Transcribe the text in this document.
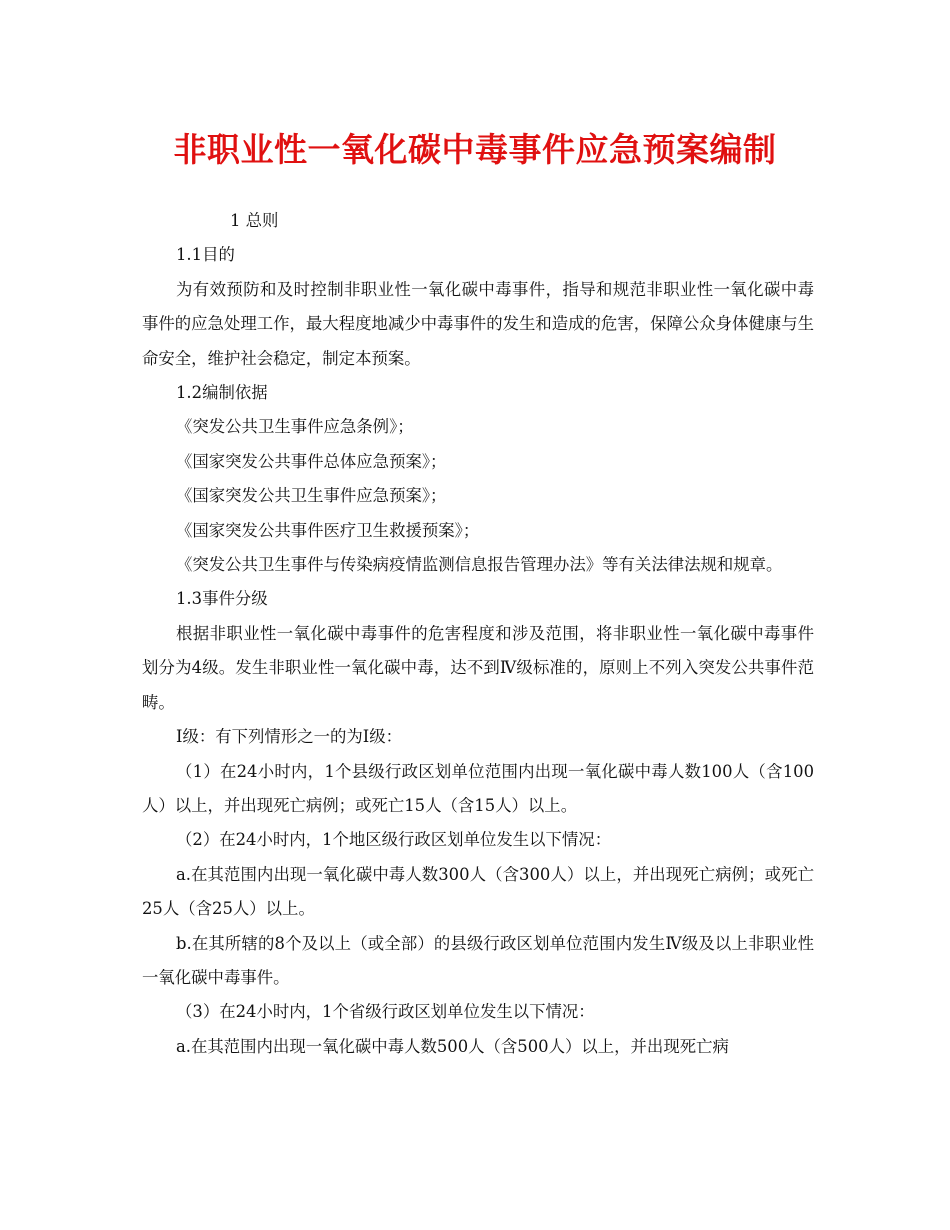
非职业性一氧化碳中毒事件应急预案编制

1 总则

1.1目的

为有效预防和及时控制非职业性一氧化碳中毒事件，指导和规范非职业性一氧化碳中毒事件的应急处理工作，最大程度地减少中毒事件的发生和造成的危害，保障公众身体健康与生命安全，维护社会稳定，制定本预案。

1.2编制依据

《突发公共卫生事件应急条例》；

《国家突发公共事件总体应急预案》；

《国家突发公共卫生事件应急预案》；

《国家突发公共事件医疗卫生救援预案》；

《突发公共卫生事件与传染病疫情监测信息报告管理办法》等有关法律法规和规章。

1.3事件分级

根据非职业性一氧化碳中毒事件的危害程度和涉及范围，将非职业性一氧化碳中毒事件划分为4级。发生非职业性一氧化碳中毒，达不到Ⅳ级标准的，原则上不列入突发公共事件范畴。

Ⅰ级：有下列情形之一的为Ⅰ级：

（1）在24小时内，1个县级行政区划单位范围内出现一氧化碳中毒人数100人（含100人）以上，并出现死亡病例；或死亡15人（含15人）以上。

（2）在24小时内，1个地区级行政区划单位发生以下情况：

a.在其范围内出现一氧化碳中毒人数300人（含300人）以上，并出现死亡病例；或死亡25人（含25人）以上。

b.在其所辖的8个及以上（或全部）的县级行政区划单位范围内发生Ⅳ级及以上非职业性一氧化碳中毒事件。

（3）在24小时内，1个省级行政区划单位发生以下情况：

a.在其范围内出现一氧化碳中毒人数500人（含500人）以上，并出现死亡病
